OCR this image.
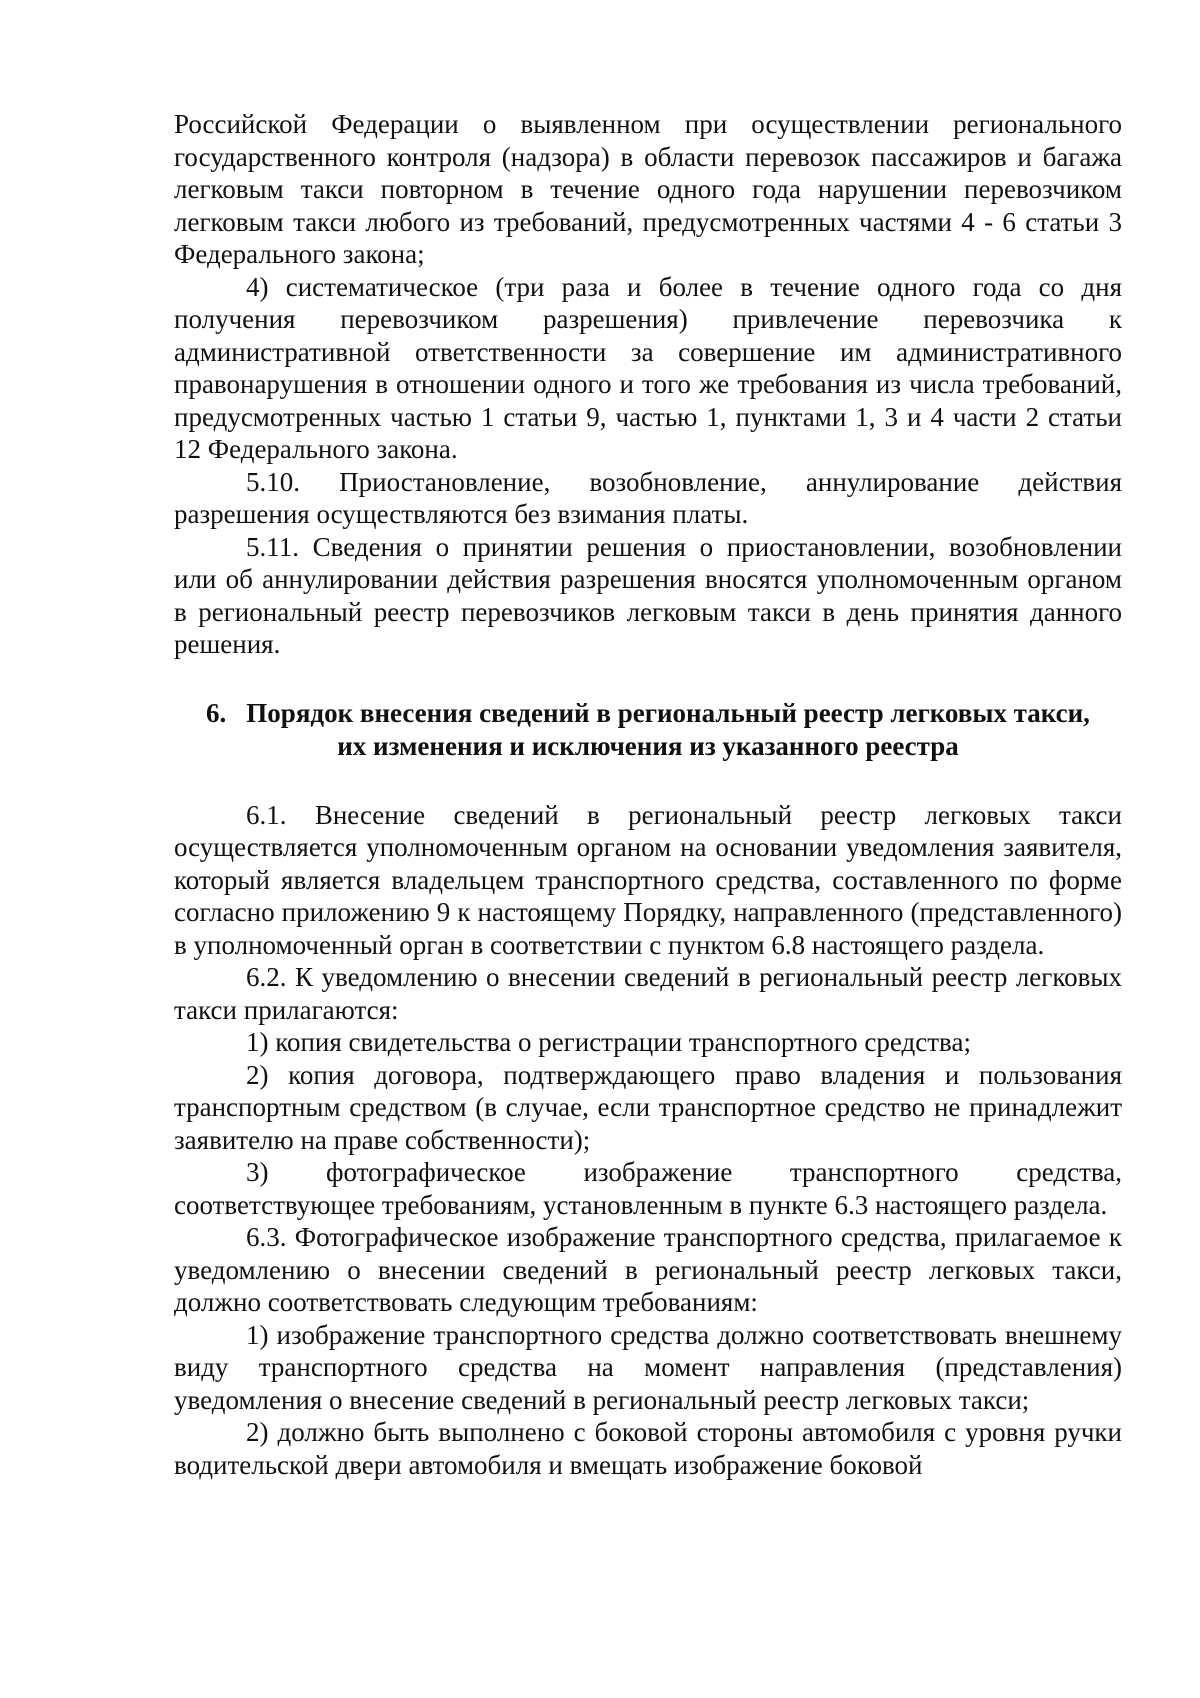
Российской Федерации о выявленном при осуществлении регионального государственного контроля (надзора) в области перевозок пассажиров и багажа легковым такси повторном в течение одного года нарушении перевозчиком легковым такси любого из требований, предусмотренных частями 4 - 6 статьи 3 Федерального закона;

4) систематическое (три раза и более в течение одного года со дня получения перевозчиком разрешения) привлечение перевозчика к административной ответственности за совершение им административного правонарушения в отношении одного и того же требования из числа требований, предусмотренных частью 1 статьи 9, частью 1, пунктами 1, 3 и 4 части 2 статьи 12 Федерального закона.

5.10. Приостановление, возобновление, аннулирование действия разрешения осуществляются без взимания платы.

5.11. Сведения о принятии решения о приостановлении, возобновлении или об аннулировании действия разрешения вносятся уполномоченным органом в региональный реестр перевозчиков легковым такси в день принятия данного решения.

6. Порядок внесения сведений в региональный реестр легковых такси,
их изменения и исключения из указанного реестра

6.1. Внесение сведений в региональный реестр легковых такси осуществляется уполномоченным органом на основании уведомления заявителя, который является владельцем транспортного средства, составленного по форме согласно приложению 9 к настоящему Порядку, направленного (представленного) в уполномоченный орган в соответствии с пунктом 6.8 настоящего раздела.

6.2. К уведомлению о внесении сведений в региональный реестр легковых такси прилагаются:

1) копия свидетельства о регистрации транспортного средства;

2) копия договора, подтверждающего право владения и пользования транспортным средством (в случае, если транспортное средство не принадлежит заявителю на праве собственности);

3) фотографическое изображение транспортного средства, соответствующее требованиям, установленным в пункте 6.3 настоящего раздела.

6.3. Фотографическое изображение транспортного средства, прилагаемое к уведомлению о внесении сведений в региональный реестр легковых такси, должно соответствовать следующим требованиям:

1) изображение транспортного средства должно соответствовать внешнему виду транспортного средства на момент направления (представления) уведомления о внесение сведений в региональный реестр легковых такси;

2) должно быть выполнено с боковой стороны автомобиля с уровня ручки водительской двери автомобиля и вмещать изображение боковой
